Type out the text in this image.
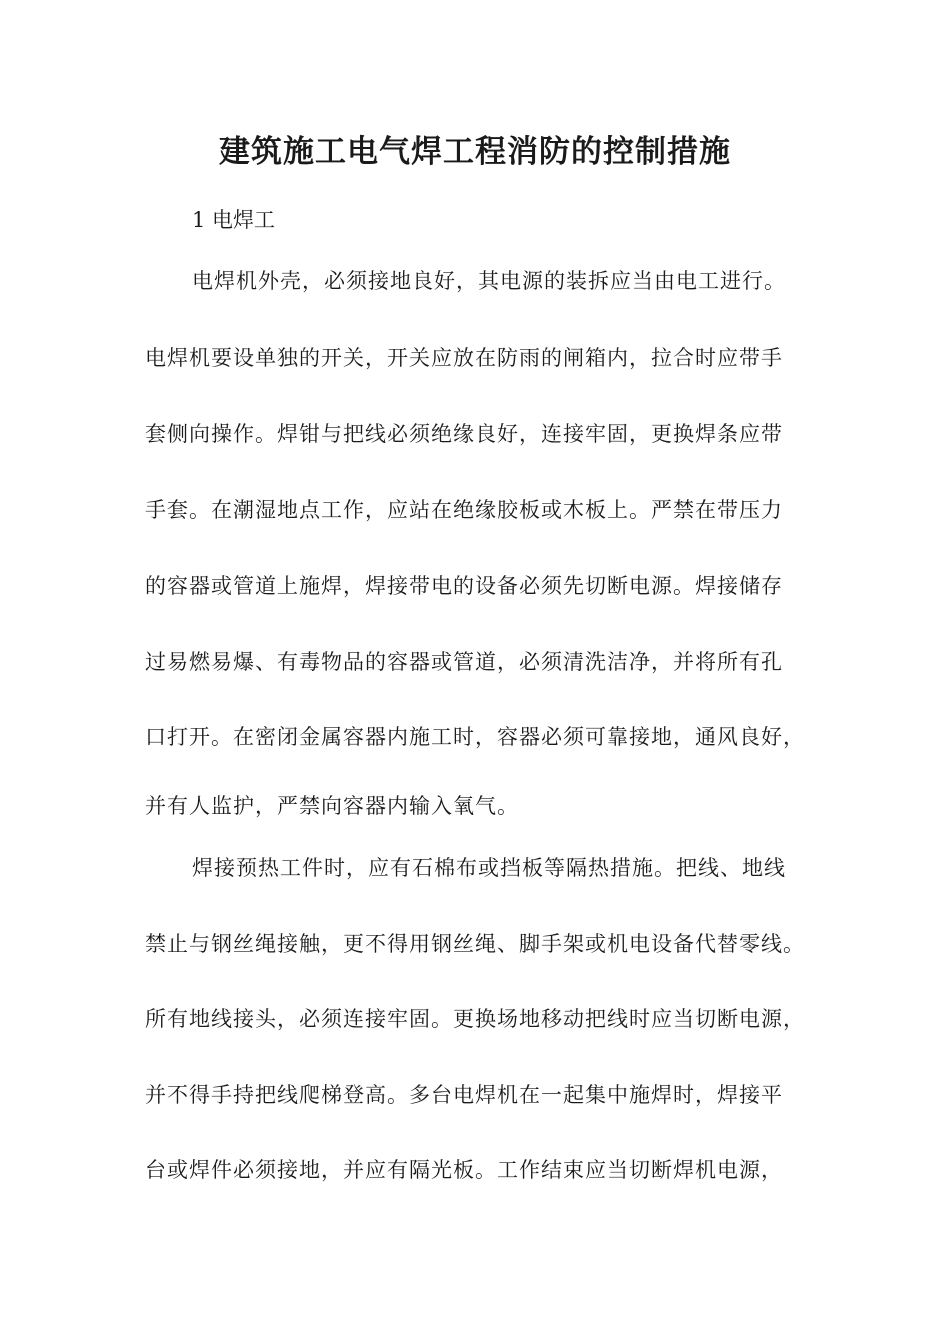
建筑施工电气焊工程消防的控制措施
1 电焊工
电焊机外壳，必须接地良好，其电源的装拆应当由电工进行。
电焊机要设单独的开关，开关应放在防雨的闸箱内，拉合时应带手
套侧向操作。焊钳与把线必须绝缘良好，连接牢固，更换焊条应带
手套。在潮湿地点工作，应站在绝缘胶板或木板上。严禁在带压力
的容器或管道上施焊，焊接带电的设备必须先切断电源。焊接储存
过易燃易爆、有毒物品的容器或管道，必须清洗洁净，并将所有孔
口打开。在密闭金属容器内施工时，容器必须可靠接地，通风良好，
并有人监护，严禁向容器内输入氧气。
焊接预热工件时，应有石棉布或挡板等隔热措施。把线、地线
禁止与钢丝绳接触，更不得用钢丝绳、脚手架或机电设备代替零线。
所有地线接头，必须连接牢固。更换场地移动把线时应当切断电源，
并不得手持把线爬梯登高。多台电焊机在一起集中施焊时，焊接平
台或焊件必须接地，并应有隔光板。工作结束应当切断焊机电源，
